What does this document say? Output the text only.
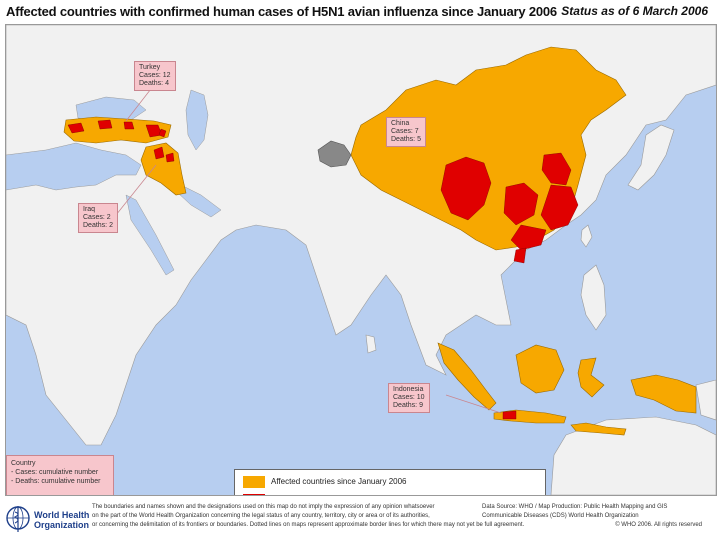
Affected countries with confirmed human cases of H5N1 avian influenza since January 2006 Status as of 6 March 2006
Turkey
Cases: 12
Deaths: 4
China
Cases: 7
Deaths: 5
Iraq
Cases: 2
Deaths: 2
Indonesia
Cases: 10
Deaths: 9
Country
- Cases: cumulative number
- Deaths: cumulative number	Affected countries since January 2006
World Health
Organization
The boundaries and names shown and the designations used on this map do not imply the expression of any opinion whatsoever
on the part of the World Health Organization concerning the legal status of any country, territory, city or area or of its authorities,
or concerning the delimitation of its frontiers or boundaries. Dotted lines on maps represent approximate border lines for which there may not yet be full agreement.
Data Source: WHO / Map Production: Public Health Mapping and GIS
Communicable Diseases (CDS) World Health Organization
© WHO 2006. All rights reserved
